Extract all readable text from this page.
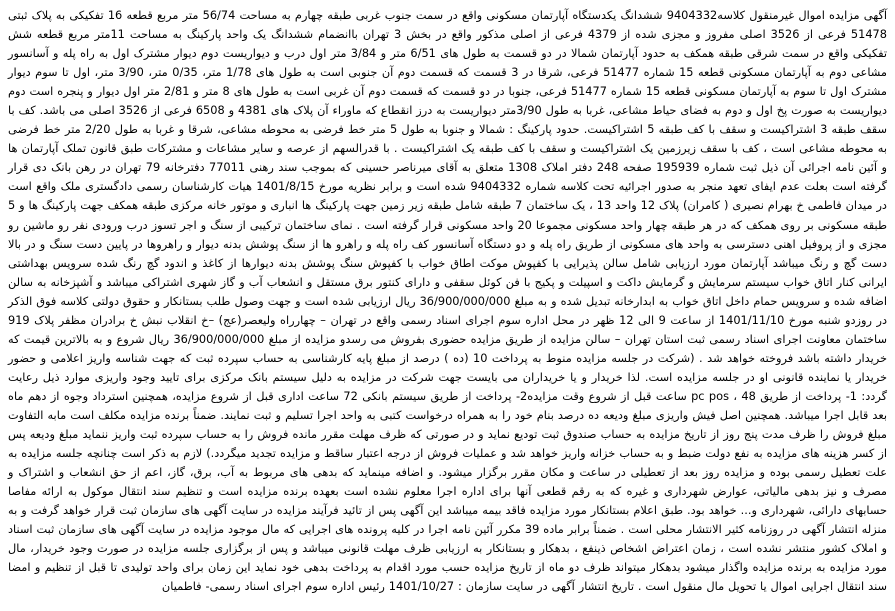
آگهی مزایده اموال غیرمنقول کلاسه9404332 ششدانگ یکدستگاه آپارتمان مسکونی واقع در سمت جنوب غربی طبقه چهارم به مساحت 56/74 متر مربع قطعه 16 تفکیکی به پلاک ثبتی 51478 فرعی از 3526 اصلی مفروز و مجزی شده از 4379 فرعی از اصلی مذکور واقع در بخش 3 تهران باانضمام ششدانگ یک واحد پارکینگ به مساحت 11متر مربع قطعه شش تفکیکی واقع در سمت شرقی طبقه همکف به حدود آپارتمان شمالا در دو قسمت به طول های 6/51 متر و 3/84 متر اول درب و دیواریست دوم دیوار مشترک اول به راه پله و آسانسور مشاعی دوم به آپارتمان مسکونی قطعه 15 شماره 51477 فرعی، شرقا در 3 قسمت که قسمت دوم آن جنوبی است به طول های 1/78 متر، 0/35 متر، 3/90 متر، اول تا سوم دیوار مشترک اول تا سوم به آپارتمان مسکونی قطعه 15 شماره 51477 فرعی، جنوبا در دو قسمت که قسمت دوم آن غربی است به طول های 8 متر و 2/81 متر اول دیوار و پنجره است دوم دیواریست به صورت پخ اول و دوم به فضای حیاط مشاعی، غربا به طول 3/90متر دیواریست به درز انقطاع که ماوراء آن پلاک های 4381 و 6508 فرعی از 3526 اصلی می باشد. کف با سقف طبقه 3 اشتراکیست و سقف با کف طبقه 5 اشتراکیست. حدود پارکینگ : شمالا و جنوبا به طول 5 متر خط فرضی به محوطه مشاعی، شرقا و غربا به طول 2/20 متر خط فرضی به محوطه مشاعی است ، کف با سقف زیرزمین یک اشتراکیست و سقف با کف طبقه یک اشتراکیست . با قدرالسهم از عرصه و سایر مشاعات و مشترکات طبق قانون تملک آپارتمان ها و آئین نامه اجرائی آن ذیل ثبت شماره 195939 صفحه 248 دفتر املاک 1308 متعلق به آقای میرناصر حسینی که بموجب سند رهنی 77011 دفترخانه 79 تهران در رهن بانک دی قرار گرفته است بعلت عدم ایفای تعهد منجر به صدور اجرائیه تحت کلاسه شماره 9404332 شده است و برابر نظریه مورخ 1401/8/15 هیات کارشناسان رسمی دادگستری ملک واقع است در میدان فاطمی خ بهرام نصیری ( کامران) پلاک 12 واحد 13 ، یک ساختمان 7 طبقه شامل طبقه زیر زمین جهت پارکینگ ها انباری و موتور خانه مرکزی طبقه همکف جهت پارکینگ ها و 5 طبقه مسکونی بر روی همکف که در هر طبقه چهار واحد مسکونی مجموعا 20 واحد مسکونی قرار گرفته است . نمای ساختمان ترکیبی از سنگ و اجر تسوز درب ورودی نفر رو ماشین رو مجزی و از پروفیل اهنی دسترسی به واحد های مسکونی از طریق راه پله و دو دستگاه آسانسور کف راه پله و راهرو ها از سنگ پوشش بدنه دیوار و راهروها در پایین دست سنگ و در بالا دست گچ و رنگ میباشد آپارتمان مورد ارزیابی شامل سالن پذیرایی با کفپوش موکت اطاق خواب با کفپوش سنگ پوشش بدنه دیوارها از کاغذ و اندود گچ رنگ شده سرویس بهداشتی ایرانی کنار اتاق خواب سیستم سرمایش و گرمایش داکت و اسپیلت و پکیج با فن کوئل سقفی و دارای کنتور برق مستقل و انشعاب آب و گاز شهری اشتراکی میباشد و آشپزخانه به سالن اضافه شده و سرویس حمام داخل اتاق خواب به ابدارخانه تبدیل شده و به مبلغ 36/900/000/000 ریال ارزیابی شده است و جهت وصول طلب بستانکار و حقوق دولتی کلاسه فوق الذکر در روزدو شنبه مورخ 1401/11/10 از ساعت 9 الی 12 ظهر در محل اداره سوم اجرای اسناد رسمی واقع در تهران – چهارراه ولیعصر(عج) –خ انقلاب نبش خ برادران مظفر پلاک 919 ساختمان معاونت اجرای اسناد رسمی ثبت استان تهران – سالن مزایده از طریق مزایده حضوری بفروش می رسدو مزایده از مبلغ 36/900/000/000 ریال شروع و به بالاترین قیمت که خریدار داشته باشد فروخته خواهد شد . (شرکت در جلسه مزایده منوط به پرداخت 10 (ده ) درصد از مبلغ پایه کارشناسی به حساب سپرده ثبت که جهت شناسه واریز اعلامی و حضور خریدار یا نماینده قانونی او در جلسه مزایده است. لذا خریدار و یا خریداران می بایست جهت شرکت در مزایده به دلیل سیستم بانک مرکزی برای تایید وجود واریزی موارد ذیل رعایت گردد: 1- پرداخت از طریق pc pos ، 48 ساعت قبل از شروع وقت مزایده2- پرداخت از طریق سیستم بانکی 72 ساعت اداری قبل از شروع مزایده، همچنین استرداد وجوه از دهم ماه بعد قابل اجرا میباشد. همچنین اصل فیش واریزی مبلغ ودیعه ده درصد بنام خود را به همراه درخواست کتبی به واحد اجرا تسلیم و ثبت نمایند. ضمناً برنده مزایده مکلف است مابه التفاوت مبلغ فروش را ظرف مدت پنج روز از تاریخ مزایده به حساب صندوق ثبت تودیع نماید و در صورتی که ظرف مهلت مقرر مانده فروش را به حساب سپرده ثبت واریز ننماید مبلغ ودیعه پس از کسر هزینه های مزایده به نفع دولت ضبط و به حساب خزانه واریز خواهد شد و عملیات فروش از درجه اعتبار ساقط و مزایده تجدید میگردد.) لازم به ذکر است چنانچه جلسه مزایده به علت تعطیل رسمی بوده و مزایده روز بعد از تعطیلی در ساعت و مکان مقرر برگزار میشود. و اضافه مینماید که بدهی های مربوط به آب، برق، گاز، اعم از حق انشعاب و اشتراک و مصرف و نیز بدهی مالیاتی، عوارض شهرداری و غیره که به رقم قطعی آنها برای اداره اجرا معلوم نشده است بعهده برنده مزایده است و تنظیم سند انتقال موکول به ارائه مفاصا حسابهای دارائی، شهرداری و... خواهد بود. طبق اعلام بستانکار مورد مزایده فاقد بیمه میباشد این آگهی پس از تائید فرآیند مزایده در سایت آگهی های سازمان ثبت قرار خواهد گرفت و به منزله انتشار آگهی در روزنامه کثیر الانتشار محلی است . ضمناً برابر ماده 39 مکرر آئین نامه اجرا در کلیه پرونده های اجرایی که مال موجود مزایده در سایت آگهی های سازمان ثبت اسناد و املاک کشور منتشر نشده است ، زمان اعتراض اشخاص ذینفع ، بدهکار و بستانکار به ارزیابی ظرف مهلت قانونی میباشد و پس از برگزاری جلسه مزایده در صورت وجود خریدار، مال مورد مزایده به برنده مزایده واگذار میشود بدهکار میتواند ظرف دو ماه از تاریخ مزایده حسب مورد اقدام به پرداخت بدهی خود نماید این زمان برای واحد تولیدی تا قبل از تنظیم و امضا سند انتقال اجرایی اموال یا تحویل مال منقول است . تاریخ انتشار آگهی در سایت سازمان : 1401/10/27 رئیس اداره سوم اجرای اسناد رسمی- فاطمیان
